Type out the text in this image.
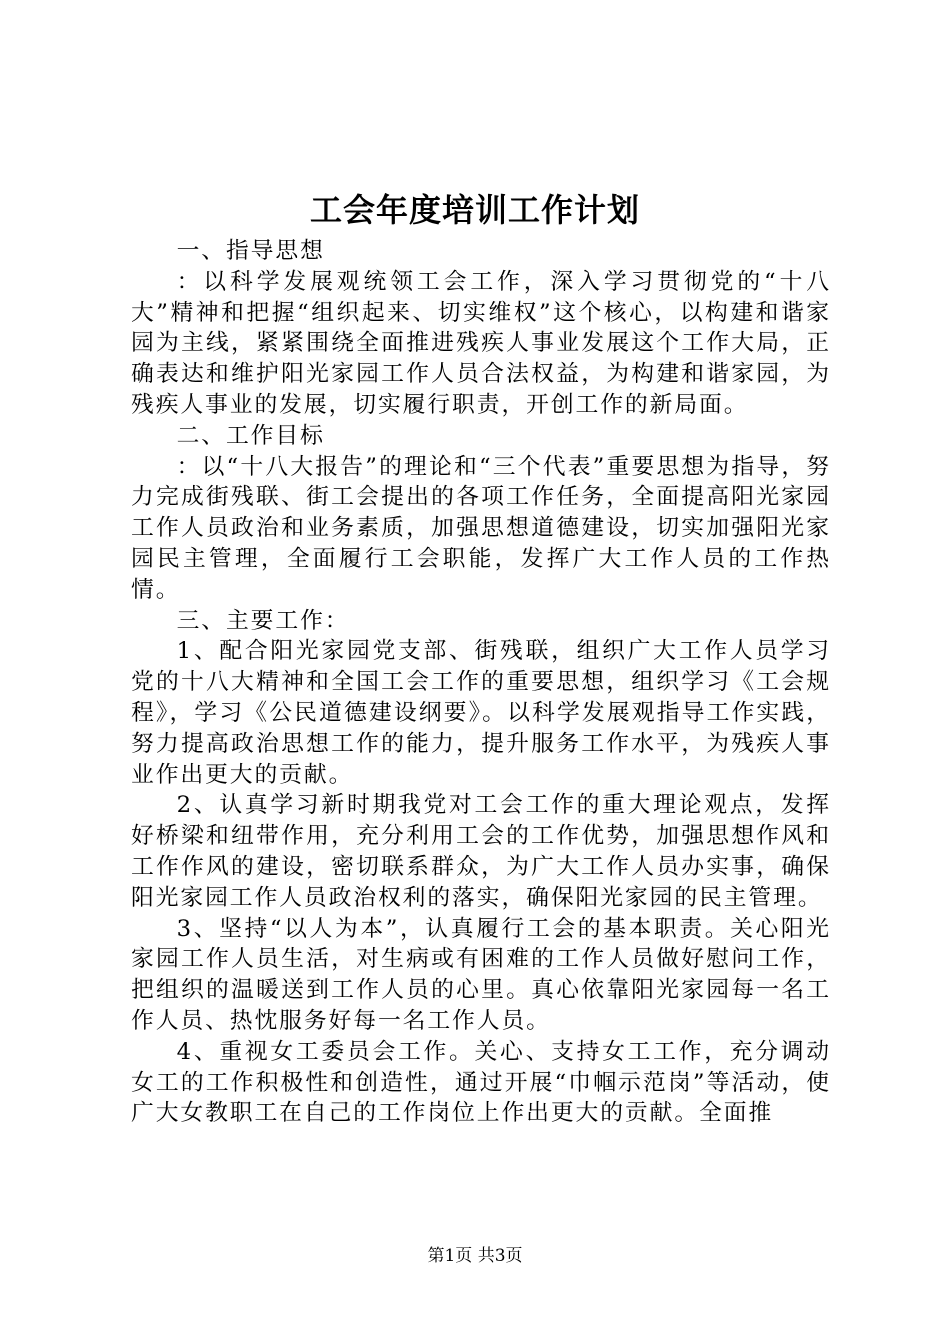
工会年度培训工作计划

一、指导思想

：以科学发展观统领工会工作，深入学习贯彻党的“十八大”精神和把握“组织起来、切实维权”这个核心，以构建和谐家园为主线，紧紧围绕全面推进残疾人事业发展这个工作大局，正确表达和维护阳光家园工作人员合法权益，为构建和谐家园，为残疾人事业的发展，切实履行职责，开创工作的新局面。

二、工作目标

：以“十八大报告”的理论和“三个代表”重要思想为指导，努力完成街残联、街工会提出的各项工作任务，全面提高阳光家园工作人员政治和业务素质，加强思想道德建设，切实加强阳光家园民主管理，全面履行工会职能，发挥广大工作人员的工作热情。

三、主要工作：

1、配合阳光家园党支部、街残联，组织广大工作人员学习党的十八大精神和全国工会工作的重要思想，组织学习《工会规程》，学习《公民道德建设纲要》。以科学发展观指导工作实践，努力提高政治思想工作的能力，提升服务工作水平，为残疾人事业作出更大的贡献。

2、认真学习新时期我党对工会工作的重大理论观点，发挥好桥梁和纽带作用，充分利用工会的工作优势，加强思想作风和工作作风的建设，密切联系群众，为广大工作人员办实事，确保阳光家园工作人员政治权利的落实，确保阳光家园的民主管理。

3、坚持“以人为本”，认真履行工会的基本职责。关心阳光家园工作人员生活，对生病或有困难的工作人员做好慰问工作，把组织的温暖送到工作人员的心里。真心依靠阳光家园每一名工作人员、热忱服务好每一名工作人员。

4、重视女工委员会工作。关心、支持女工工作，充分调动女工的工作积极性和创造性，通过开展“巾帼示范岗”等活动，使广大女教职工在自己的工作岗位上作出更大的贡献。全面推

第1页 共3页
